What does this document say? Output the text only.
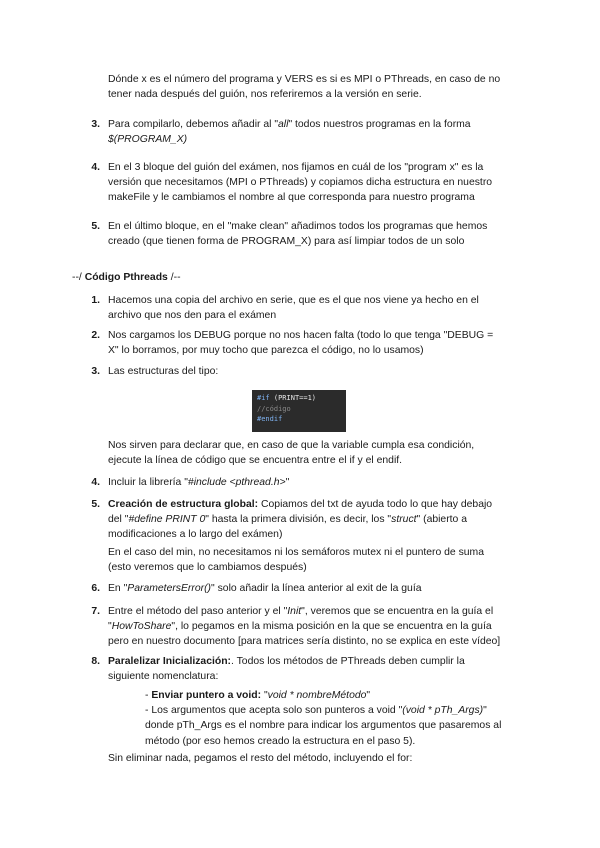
Dónde x es el número del programa y VERS es si es MPI o PThreads, en caso de no
tener nada después del guión, nos referiremos a la versión en serie.
3. Para compilarlo, debemos añadir al "all" todos nuestros programas en la forma
$(PROGRAM_X)
4. En el 3 bloque del guión del exámen, nos fijamos en cuál de los "program x" es la
versión que necesitamos (MPI o PThreads) y copiamos dicha estructura en nuestro
makeFile y le cambiamos el nombre al que corresponda para nuestro programa
5. En el último bloque, en el "make clean" añadimos todos los programas que hemos
creado (que tienen forma de PROGRAM_X) para así limpiar todos de un solo
--/ Código Pthreads /--
1. Hacemos una copia del archivo en serie, que es el que nos viene ya hecho en el
archivo que nos den para el exámen
2. Nos cargamos los DEBUG porque no nos hacen falta (todo lo que tenga "DEBUG =
X" lo borramos, por muy tocho que parezca el código, no lo usamos)
3. Las estructuras del tipo:
#if (PRINT==1)
//código
#endif
Nos sirven para declarar que, en caso de que la variable cumpla esa condición,
ejecute la línea de código que se encuentra entre el if y el endif.
4. Incluir la librería "#include <pthread.h>"
5. Creación de estructura global: Copiamos del txt de ayuda todo lo que hay debajo
del "#define PRINT 0" hasta la primera división, es decir, los "struct" (abierto a
modificaciones a lo largo del exámen)
En el caso del min, no necesitamos ni los semáforos mutex ni el puntero de suma
(esto veremos que lo cambiamos después)
6. En "ParametersError()" solo añadir la línea anterior al exit de la guía
7. Entre el método del paso anterior y el "Init", veremos que se encuentra en la guía el
"HowToShare", lo pegamos en la misma posición en la que se encuentra en la guía
pero en nuestro documento [para matrices sería distinto, no se explica en este vídeo]
8. Paralelizar Inicialización:. Todos los métodos de PThreads deben cumplir la
siguiente nomenclatura:
- Enviar puntero a void: "void * nombreMétodo"
- Los argumentos que acepta solo son punteros a void "(void * pTh_Args)"
donde pTh_Args es el nombre para indicar los argumentos que pasaremos al
método (por eso hemos creado la estructura en el paso 5).
Sin eliminar nada, pegamos el resto del método, incluyendo el for:
